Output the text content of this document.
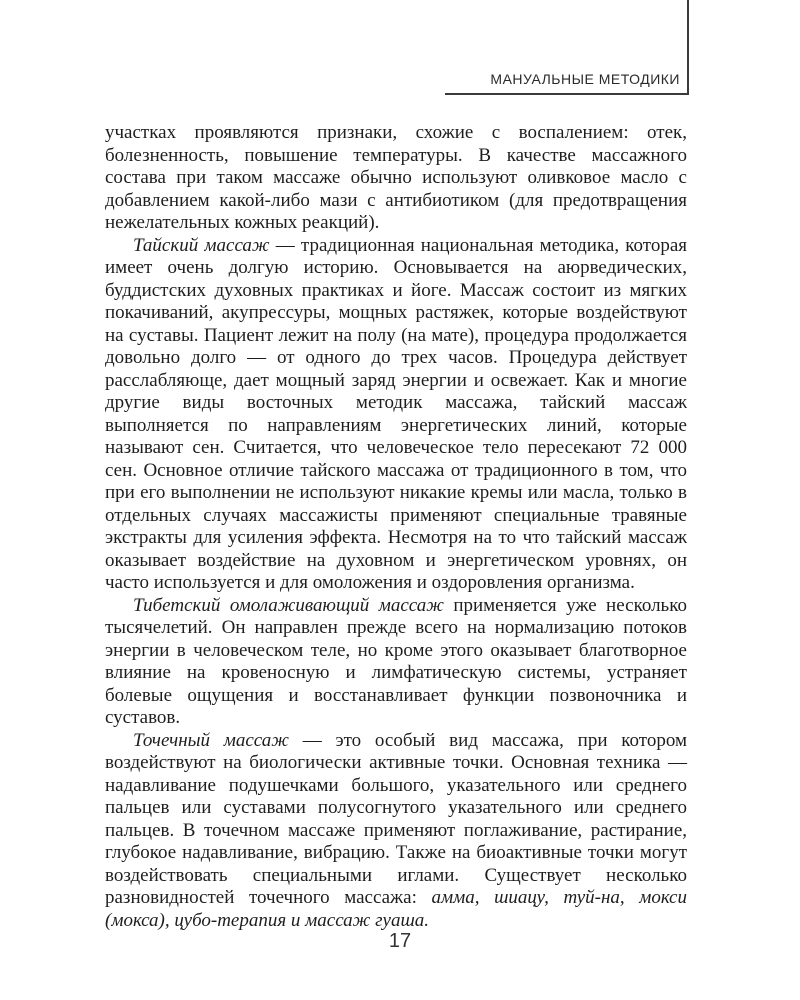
МАНУАЛЬНЫЕ МЕТОДИКИ

участках проявляются признаки, схожие с воспалением: отек, болезненность, повышение температуры. В качестве массажного состава при таком массаже обычно используют оливковое масло с добавлением какой-либо мази с антибиотиком (для предотвращения нежелательных кожных реакций).

Тайский массаж — традиционная национальная методика, которая имеет очень долгую историю. Основывается на аюрведических, буддистских духовных практиках и йоге. Массаж состоит из мягких покачиваний, акупрессуры, мощных растяжек, которые воздействуют на суставы. Пациент лежит на полу (на мате), процедура продолжается довольно долго — от одного до трех часов. Процедура действует расслабляюще, дает мощный заряд энергии и освежает. Как и многие другие виды восточных методик массажа, тайский массаж выполняется по направлениям энергетических линий, которые называют сен. Считается, что человеческое тело пересекают 72 000 сен. Основное отличие тайского массажа от традиционного в том, что при его выполнении не используют никакие кремы или масла, только в отдельных случаях массажисты применяют специальные травяные экстракты для усиления эффекта. Несмотря на то что тайский массаж оказывает воздействие на духовном и энергетическом уровнях, он часто используется и для омоложения и оздоровления организма.

Тибетский омолаживающий массаж применяется уже несколько тысячелетий. Он направлен прежде всего на нормализацию потоков энергии в человеческом теле, но кроме этого оказывает благотворное влияние на кровеносную и лимфатическую системы, устраняет болевые ощущения и восстанавливает функции позвоночника и суставов.

Точечный массаж — это особый вид массажа, при котором воздействуют на биологически активные точки. Основная техника — надавливание подушечками большого, указательного или среднего пальцев или суставами полусогнутого указательного или среднего пальцев. В точечном массаже применяют поглаживание, растирание, глубокое надавливание, вибрацию. Также на биоактивные точки могут воздействовать специальными иглами. Существует несколько разновидностей точечного массажа: амма, шиацу, туй-на, мокси (мокса), цубо-терапия и массаж гуаша.

17
